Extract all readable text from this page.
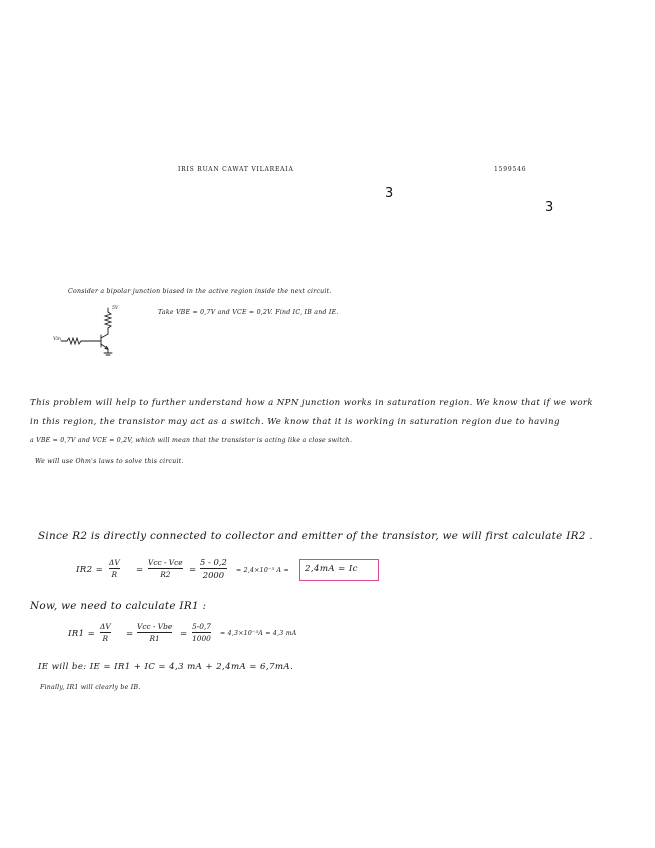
IRIS RUAN CAWAT VILAREAIA	1599546
3
3
Consider a bipolar junction biased in the active region inside the next circuit.
Take VBE = 0,7V and VCE = 0,2V. Find IC, IB and IE.
5V
Vin
This problem will help to further understand how a NPN junction works in saturation region. We know that if we work
in this region, the transistor may act as a switch. We know that it is working in saturation region due to having
a VBE = 0,7V and VCE = 0,2V, which will mean that the transistor is acting like a close switch.
We will use Ohm's laws to solve this circuit.
Since R2 is directly connected to collector and emitter of the transistor, we will first calculate IR2 .
IR2 =
ΔV
R =
Vcc - Vce
R2 =
5 - 0,2
2000 = 2,4×10⁻³ A = 2,4mA = Ic
Now, we need to calculate IR1 :
IR1 =
ΔV
R =
Vcc - Vbe
R1 =
5-0,7
1000
= 4,3×10⁻³A = 4,3 mA
IE will be: IE = IR1 + IC = 4,3 mA + 2,4mA = 6,7mA.
Finally, IR1 will clearly be IB.
